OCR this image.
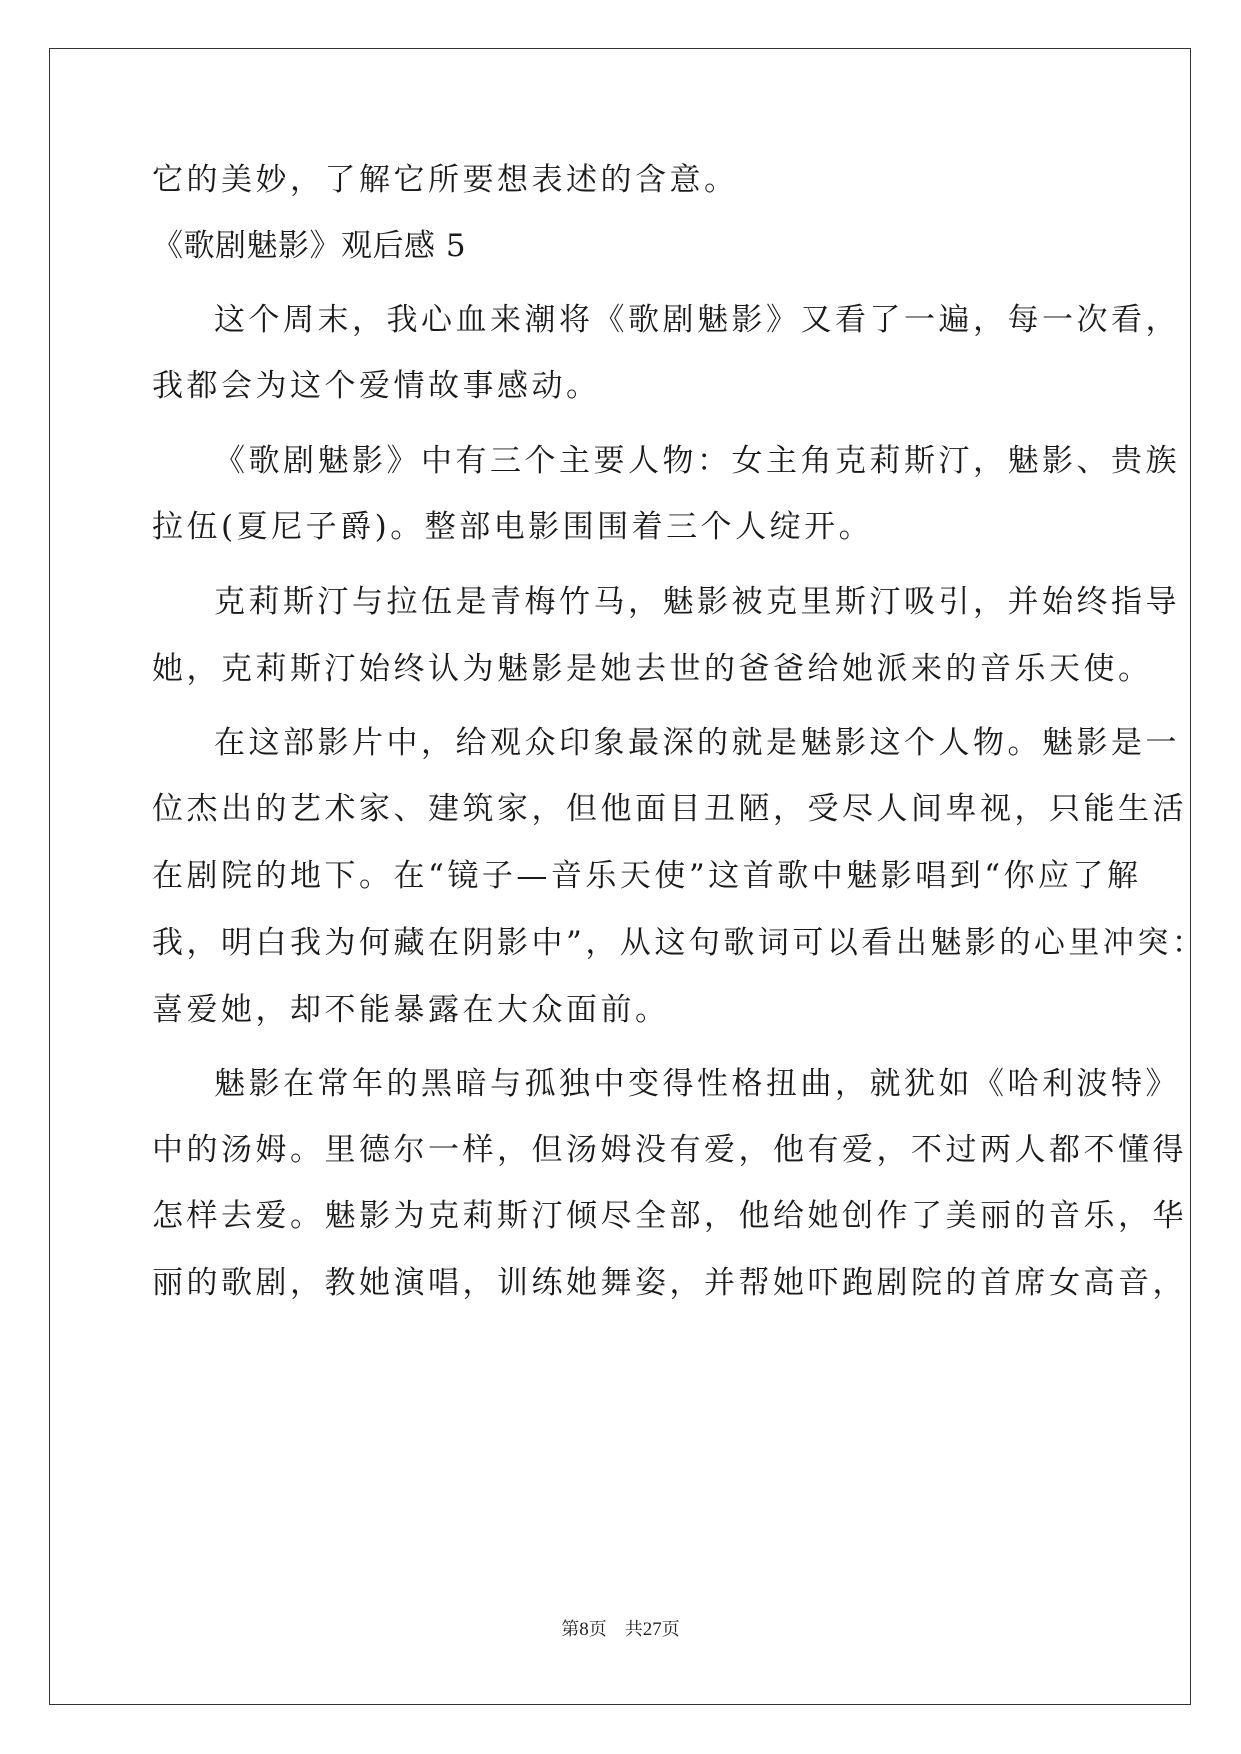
它的美妙，了解它所要想表述的含意。
《歌剧魅影》观后感 5
这个周末，我心血来潮将《歌剧魅影》又看了一遍，每一次看，
我都会为这个爱情故事感动。
《歌剧魅影》中有三个主要人物：女主角克莉斯汀，魅影、贵族
拉伍(夏尼子爵)。整部电影围围着三个人绽开。
克莉斯汀与拉伍是青梅竹马，魅影被克里斯汀吸引，并始终指导
她，克莉斯汀始终认为魅影是她去世的爸爸给她派来的音乐天使。
在这部影片中，给观众印象最深的就是魅影这个人物。魅影是一
位杰出的艺术家、建筑家，但他面目丑陋，受尽人间卑视，只能生活
在剧院的地下。在“镜子—音乐天使”这首歌中魅影唱到“你应了解
我，明白我为何藏在阴影中”，从这句歌词可以看出魅影的心里冲突：
喜爱她，却不能暴露在大众面前。
魅影在常年的黑暗与孤独中变得性格扭曲，就犹如《哈利波特》
中的汤姆。里德尔一样，但汤姆没有爱，他有爱，不过两人都不懂得
怎样去爱。魅影为克莉斯汀倾尽全部，他给她创作了美丽的音乐，华
丽的歌剧，教她演唱，训练她舞姿，并帮她吓跑剧院的首席女高音，
第8页 共27页
